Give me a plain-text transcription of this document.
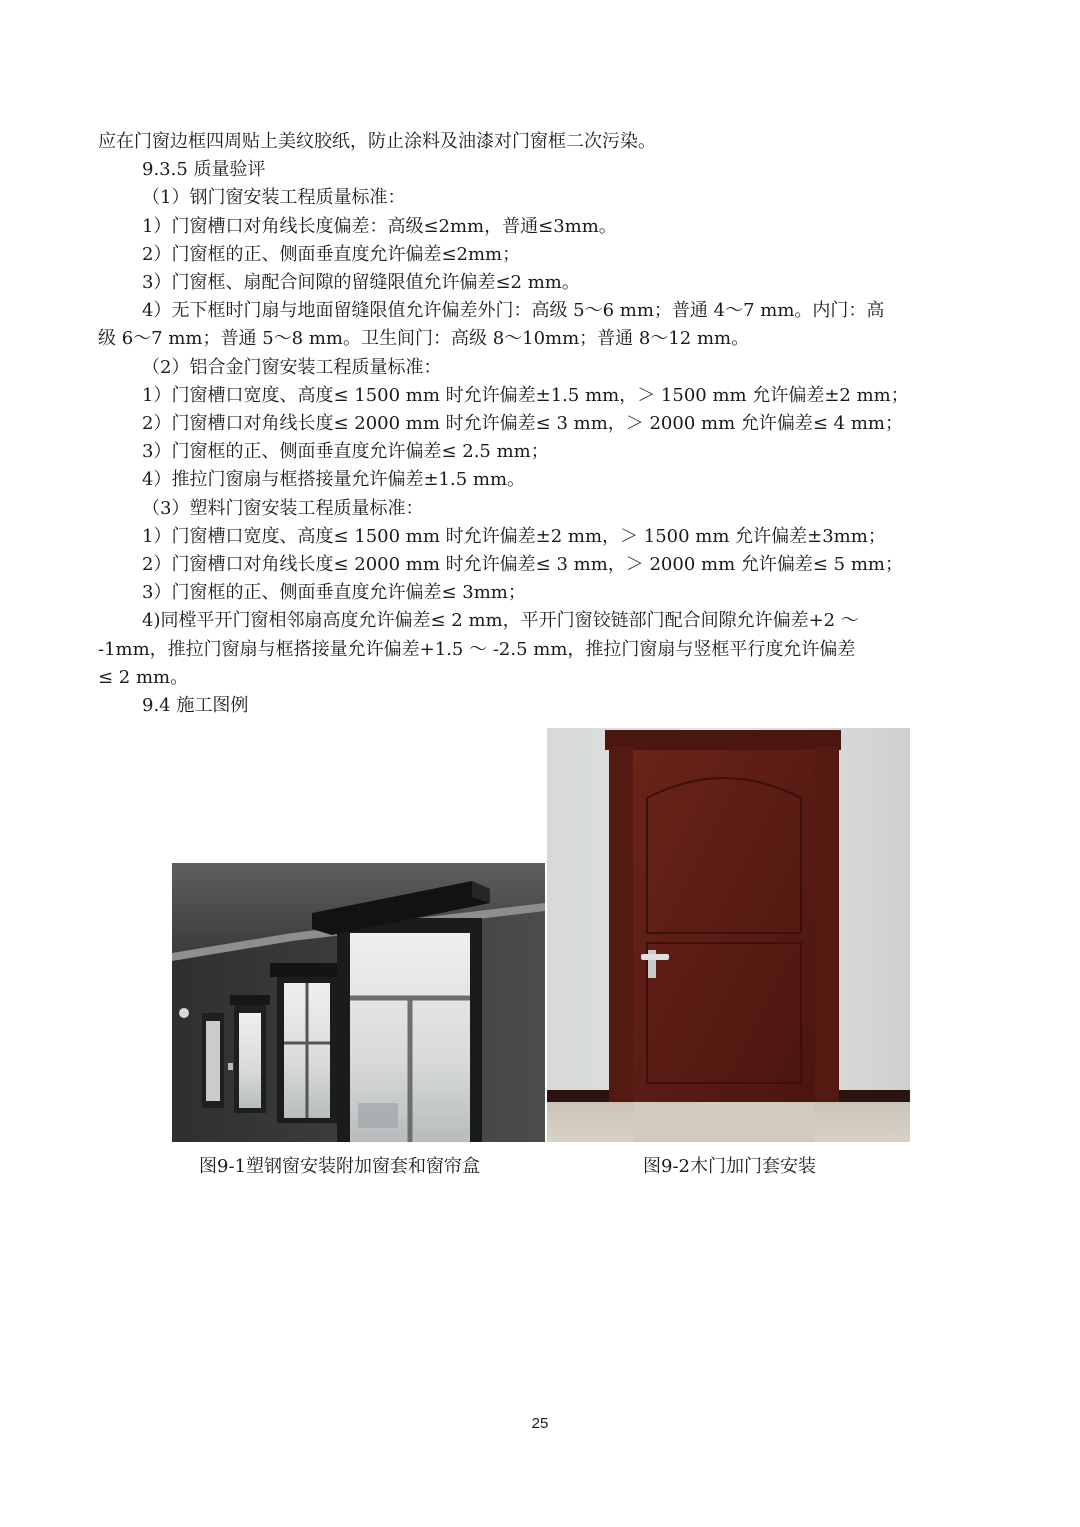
应在门窗边框四周贴上美纹胶纸，防止涂料及油漆对门窗框二次污染。
9.3.5 质量验评
（1）钢门窗安装工程质量标准：
1）门窗槽口对角线长度偏差：高级≤2mm，普通≤3mm。
2）门窗框的正、侧面垂直度允许偏差≤2mm；
3）门窗框、扇配合间隙的留缝限值允许偏差≤2 mm。
4）无下框时门扇与地面留缝限值允许偏差外门：高级 5～6 mm；普通 4～7 mm。内门：高
级 6～7 mm；普通 5～8 mm。卫生间门：高级 8～10mm；普通 8～12 mm。
（2）铝合金门窗安装工程质量标准：
1）门窗槽口宽度、高度≤ 1500 mm 时允许偏差±1.5 mm，＞ 1500 mm 允许偏差±2 mm；
2）门窗槽口对角线长度≤ 2000 mm 时允许偏差≤ 3 mm，＞ 2000 mm 允许偏差≤ 4 mm；
3）门窗框的正、侧面垂直度允许偏差≤ 2.5 mm；
4）推拉门窗扇与框搭接量允许偏差±1.5 mm。
（3）塑料门窗安装工程质量标准：
1）门窗槽口宽度、高度≤ 1500 mm 时允许偏差±2 mm，＞ 1500 mm 允许偏差±3mm；
2）门窗槽口对角线长度≤ 2000 mm 时允许偏差≤ 3 mm，＞ 2000 mm 允许偏差≤ 5 mm；
3）门窗框的正、侧面垂直度允许偏差≤ 3mm；
4)同樘平开门窗相邻扇高度允许偏差≤ 2 mm，平开门窗铰链部门配合间隙允许偏差+2 ～
-1mm，推拉门窗扇与框搭接量允许偏差+1.5 ～ -2.5 mm，推拉门窗扇与竖框平行度允许偏差
≤ 2 mm。
9.4 施工图例
图9-1塑钢窗安装附加窗套和窗帘盒	图9-2木门加门套安装
25
